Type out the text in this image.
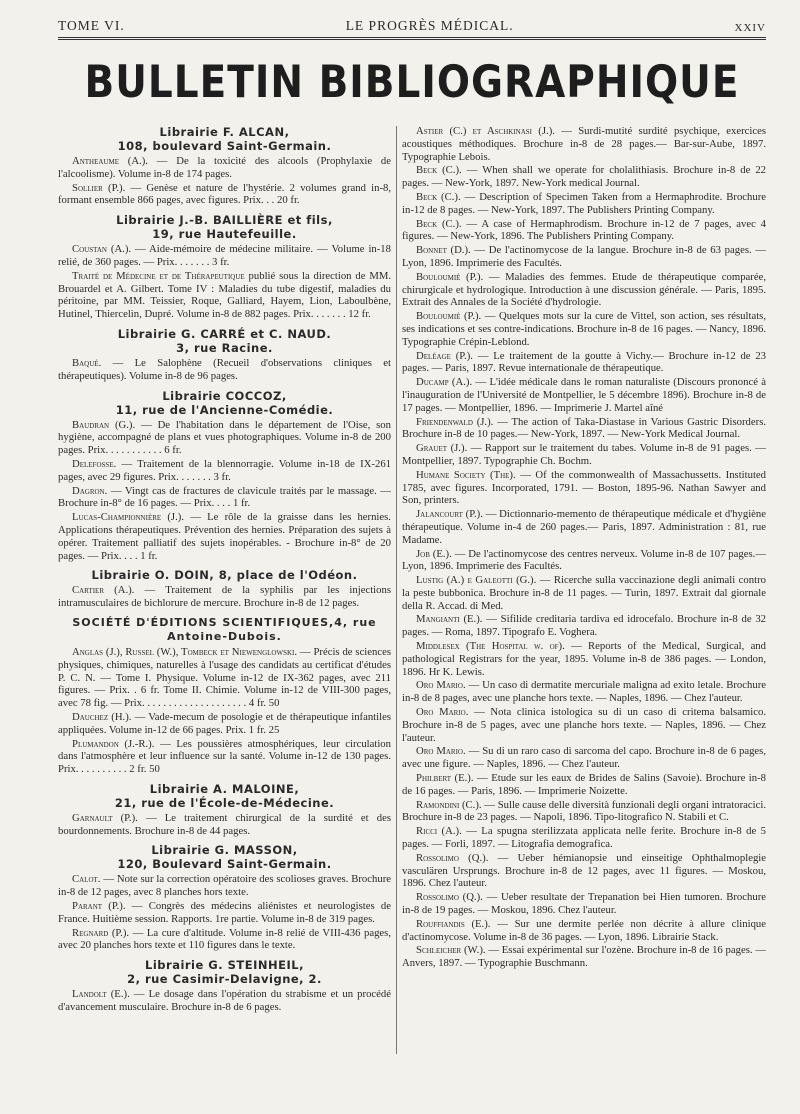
TOME VI.	LE PROGRÈS MÉDICAL.	XXIV
BULLETIN BIBLIOGRAPHIQUE
Librairie F. ALCAN,
108, boulevard Saint-Germain.

Antheaume (A.). — De la toxicité des alcools (Prophylaxie de l'alcoolisme). Volume in-8 de 174 pages.

Sollier (P.). — Genèse et nature de l'hystérie. 2 volumes grand in-8, formant ensemble 866 pages, avec figures. Prix. . . 20 fr.

Librairie J.-B. BAILLIÈRE et fils,
19, rue Hautefeuille.

Coustan (A.). — Aide-mémoire de médecine militaire. — Volume in-18 relié, de 360 pages. — Prix. . . . . . . 3 fr.

Traité de Médecine et de Thérapeutique publié sous la direction de MM. Brouardel et A. Gilbert. Tome IV : Maladies du tube digestif, maladies du péritoine, par MM. Teissier, Roque, Galliard, Hayem, Lion, Laboulbène, Hutinel, Thiercelin, Dupré. Volume in-8 de 882 pages. Prix. . . . . . . 12 fr.

Librairie G. CARRÉ et C. NAUD.
3, rue Racine.

Baqué. — Le Salophène (Recueil d'observations cliniques et thérapeutiques). Volume in-8 de 96 pages.

Librairie COCCOZ,
11, rue de l'Ancienne-Comédie.

Baudran (G.). — De l'habitation dans le département de l'Oise, son hygiène, accompagné de plans et vues photographiques. Volume in-8 de 200 pages. Prix. . . . . . . . . . . 6 fr.

Delefosse. — Traitement de la blennorragie. Volume in-18 de IX-261 pages, avec 29 figures. Prix. . . . . . . 3 fr.

Dagron. — Vingt cas de fractures de clavicule traités par le massage. — Brochure in-8° de 16 pages. — Prix. . . . 1 fr.

Lucas-Championnière (J.). — Le rôle de la graisse dans les hernies. Applications thérapeutiques. Prévention des hernies. Préparation des sujets à opérer. Traitement palliatif des sujets inopérables. - Brochure in-8° de 20 pages. — Prix. . . . 1 fr.

Librairie O. DOIN, 8, place de l'Odéon.

Cartier (A.). — Traitement de la syphilis par les injections intramusculaires de bichlorure de mercure. Brochure in-8 de 12 pages.

SOCIÉTÉ D'ÉDITIONS SCIENTIFIQUES,4, rue Antoine-Dubois.

Anglas (J.), Russel (W.), Tombeck et Niewenglowski. — Précis de sciences physiques, chimiques, naturelles à l'usage des candidats au certificat d'études P. C. N. — Tome I. Physique. Volume in-12 de IX-362 pages, avec 211 figures. — Prix. . 6 fr. Tome II. Chimie. Volume in-12 de VIII-300 pages, avec 78 fig. — Prix. . . . . . . . . . . . . . . . . . . . 4 fr. 50

Dauchez (H.). — Vade-mecum de posologie et de thérapeutique infantiles appliquées. Volume in-12 de 66 pages. Prix. 1 fr. 25

Plumandon (J.-R.). — Les poussières atmosphériques, leur circulation dans l'atmosphère et leur influence sur la santé. Volume in-12 de 130 pages. Prix. . . . . . . . . . 2 fr. 50

Librairie A. MALOINE,
21, rue de l'École-de-Médecine.

Garnault (P.). — Le traitement chirurgical de la surdité et des bourdonnements. Brochure in-8 de 44 pages.

Librairie G. MASSON,
120, Boulevard Saint-Germain.

Calot. — Note sur la correction opératoire des scolioses graves. Brochure in-8 de 12 pages, avec 8 planches hors texte.

Parant (P.). — Congrès des médecins aliénistes et neurologistes de France. Huitième session. Rapports. 1re partie. Volume in-8 de 319 pages.

Regnard (P.). — La cure d'altitude. Volume in-8 relié de VIII-436 pages, avec 20 planches hors texte et 110 figures dans le texte.

Librairie G. STEINHEIL,
2, rue Casimir-Delavigne, 2.

Landolt (E.). — Le dosage dans l'opération du strabisme et un procédé d'avancement musculaire. Brochure in-8 de 6 pages.

Astier (C.) et Aschkinasi (J.). — Surdi-mutité surdité psychique, exercices acoustiques méthodiques. Brochure in-8 de 28 pages.— Bar-sur-Aube, 1897. Typographie Lebois.

Beck (C.). — When shall we operate for cholalithiasis. Brochure in-8 de 22 pages. — New-York, 1897. New-York medical Journal.

Beck (C.). — Description of Specimen Taken from a Hermaphrodite. Brochure in-12 de 8 pages. — New-York, 1897. The Publishers Printing Company.

Beck (C.). — A case of Hermaphrodism. Brochure in-12 de 7 pages, avec 4 figures. — New-York, 1896. The Publishers Printing Company.

Bonnet (D.). — De l'actinomycose de la langue. Brochure in-8 de 63 pages. — Lyon, 1896. Imprimerie des Facultés.

Bouloumié (P.). — Maladies des femmes. Etude de thérapeutique comparée, chirurgicale et hydrologique. Introduction à une discussion générale. — Paris, 1895. Extrait des Annales de la Société d'hydrologie.

Bouloumié (P.). — Quelques mots sur la cure de Vittel, son action, ses résultats, ses indications et ses contre-indications. Brochure in-8 de 16 pages. — Nancy, 1896. Typographie Crépin-Leblond.

Deléage (P.). — Le traitement de la goutte à Vichy.— Brochure in-12 de 23 pages. — Paris, 1897. Revue internationale de thérapeutique.

Ducamp (A.). — L'idée médicale dans le roman naturaliste (Discours prononcé à l'inauguration de l'Université de Montpellier, le 5 décembre 1896). Brochure in-8 de 17 pages. — Montpellier, 1896. — Imprimerie J. Martel aîné

Friendenwald (J.). — The action of Taka-Diastase in Various Gastric Disorders. Brochure in-8 de 10 pages.— New-York, 1897. — New-York Medical Journal.

Grauet (J.). — Rapport sur le traitement du tabes. Volume in-8 de 91 pages. — Montpellier, 1897. Typographie Ch. Bochm.

Humane Society (The). — Of the commonwealth of Massachussetts. Instituted 1785, avec figures. Incorporated, 1791. — Boston, 1895-96. Nathan Sawyer and Son, printers.

Jalancourt (P.). — Dictionnario-memento de thérapeutique médicale et d'hygiène thérapeutique. Volume in-4 de 260 pages.— Paris, 1897. Administration : 81, rue Madame.

Job (E.). — De l'actinomycose des centres nerveux. Volume in-8 de 107 pages.— Lyon, 1896. Imprimerie des Facultés.

Lustig (A.) e Galeotti (G.). — Ricerche sulla vaccinazione degli animali contro la peste bubbonica. Brochure in-8 de 11 pages. — Turin, 1897. Extrait dal giornale della R. Accad. di Med.

Mangianti (E.). — Sifilide creditaria tardiva ed idrocefalo. Brochure in-8 de 32 pages. — Roma, 1897. Tipografo E. Voghera.

Middlesex (The Hospital w. of). — Reports of the Medical, Surgical, and pathological Registrars for the year, 1895. Volume in-8 de 386 pages. — London, 1896. Hr K. Lewis.

Oro Mario. — Un caso di dermatite mercuriale maligna ad exito letale. Brochure in-8 de 8 pages, avec une planche hors texte. — Naples, 1896. — Chez l'auteur.

Oro Mario. — Nota clinica istologica su di un caso di critema balsamico. Brochure in-8 de 5 pages, avec une planche hors texte. — Naples, 1896. — Chez l'auteur.

Oro Mario. — Su di un raro caso di sarcoma del capo. Brochure in-8 de 6 pages, avec une figure. — Naples, 1896. — Chez l'auteur.

Philbert (E.). — Etude sur les eaux de Brides de Salins (Savoie). Brochure in-8 de 16 pages. — Paris, 1896. — Imprimerie Noizette.

Ramondini (C.). — Sulle cause delle diversità funzionali degli organi intratoracici. Brochure in-8 de 23 pages. — Napoli, 1896. Tipo-litografico N. Stabili et C.

Ricci (A.). — La spugna sterilizzata applicata nelle ferite. Brochure in-8 de 5 pages. — Forli, 1897. — Litografia demografica.

Rossolimo (Q.). — Ueber hémianopsie und einseitige Ophthalmoplegie vasculären Ursprungs. Brochure in-8 de 12 pages, avec 11 figures. — Moskou, 1896. Chez l'auteur.

Rossolimo (Q.). — Ueber resultate der Trepanation bei Hien tumoren. Brochure in-8 de 19 pages. — Moskou, 1896. Chez l'auteur.

Rouffiandis (E.). — Sur une dermite perlée non décrite à allure clinique d'actinomycose. Volume in-8 de 36 pages. — Lyon, 1896. Librairie Stack.

Schleicher (W.). — Essai expérimental sur l'ozène. Brochure in-8 de 16 pages. — Anvers, 1897. — Typographie Buschmann.
